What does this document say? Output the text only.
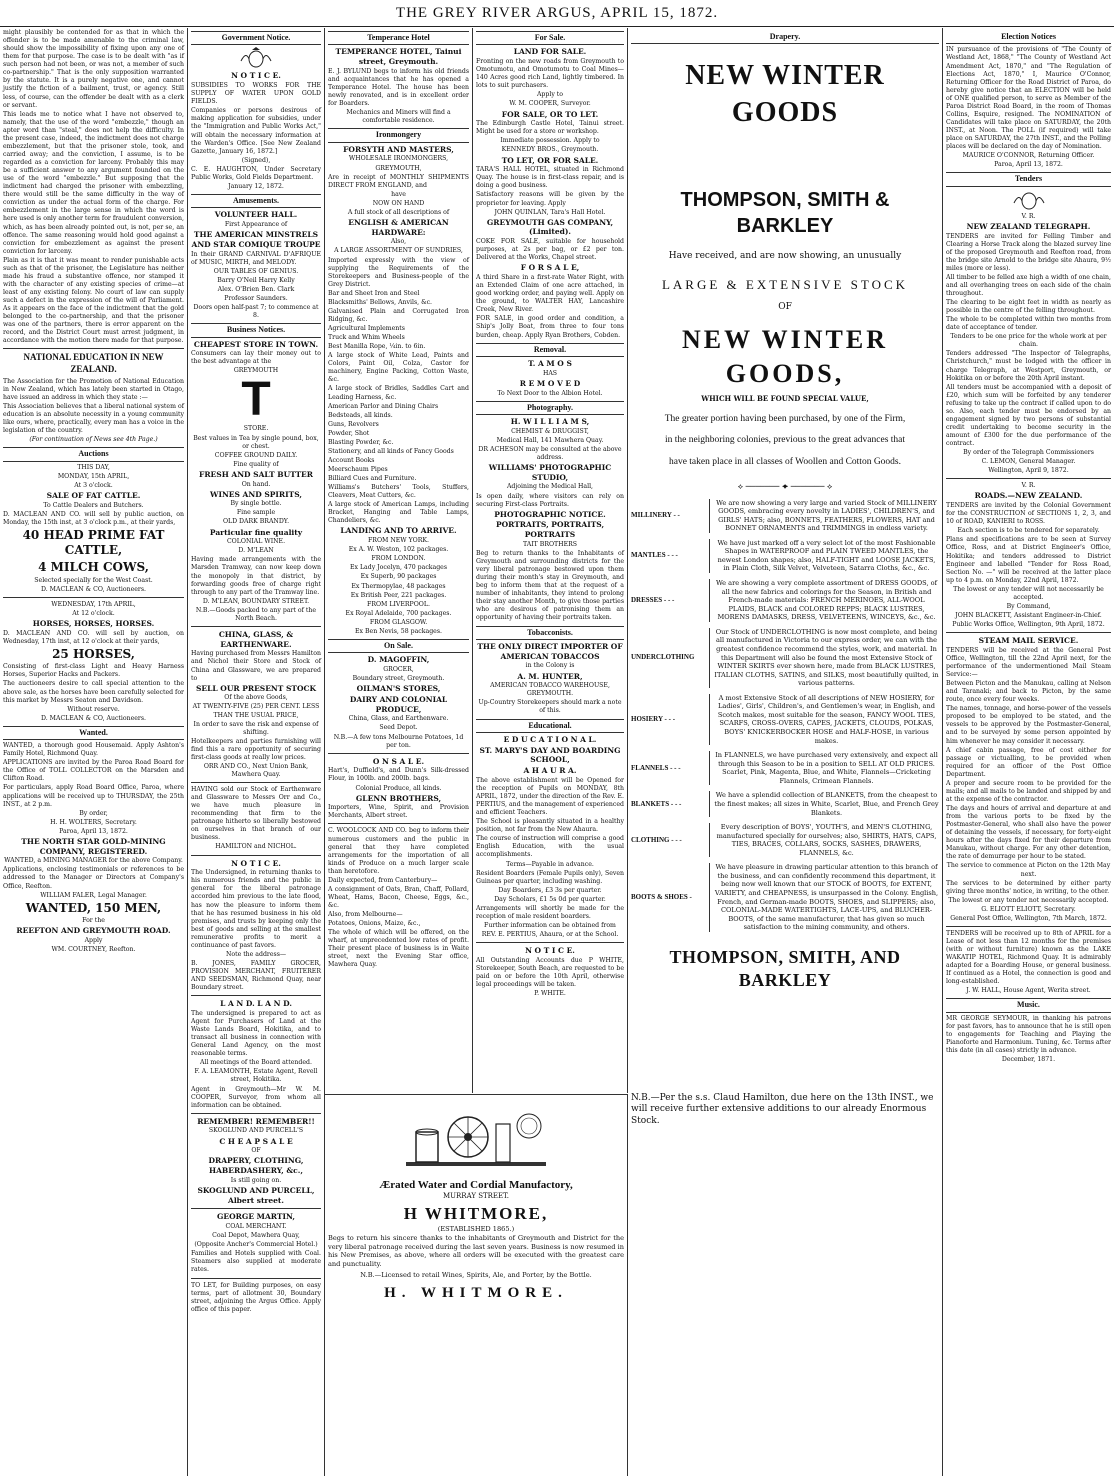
THE GREY RIVER ARGUS, APRIL 15, 1872.

might plausibly be contended for as that in which the offender is to be made amenable to the criminal law, should show the impossibility of fixing upon any one of them for that purpose. The case is to be dealt with "as if such person had not been, or was not, a member of such co-partnership." That is the only supposition warranted by the statute. It is a purely negative one, and cannot justify the fiction of a bailment, trust, or agency. Still less, of course, can the offender be dealt with as a clerk or servant.

This leads me to notice what I have not observed to, namely, that the use of the word "embezzle," though an apter word than "steal," does not help the difficulty. In the present case, indeed, the indictment does not charge embezzlement, but that the prisoner stole, took, and carried away; and the conviction, I assume, is to be regarded as a conviction for larceny. Probably this may be a sufficient answer to any argument founded on the use of the word "embezzle." But supposing that the indictment had charged the prisoner with embezzling, there would still be the same difficulty in the way of conviction as under the actual form of the charge. For embezzlement in the large sense in which the word is here used is only another term for fraudulent conversion, which, as has been already pointed out, is not, per se, an offence. The same reasoning would hold good against a conviction for embezzlement as against the present conviction for larceny.

Plain as it is that it was meant to render punishable acts such as that of the prisoner, the Legislature has neither made his fraud a substantive offence, nor stamped it with the character of any existing species of crime—at least of any existing felony. No court of law can supply such a defect in the expression of the will of Parliament. As it appears on the face of the indictment that the gold belonged to the co-partnership, and that the prisoner was one of the partners, there is error apparent on the record, and the District Court must arrest judgment, in accordance with the motion there made for that purpose.

NATIONAL EDUCATION IN NEW ZEALAND.

The Association for the Promotion of National Education in New Zealand, which has lately been started in Otago, have issued an address in which they state :—

This Association believes that a liberal national system of education is an absolute necessity in a young community like ours, where, practically, every man has a voice in the legislation of the country.

(For continuation of News see 4th Page.)

Auctions

THIS DAY,

MONDAY, 15th APRIL,

At 3 o'clock.

SALE OF FAT CATTLE.

To Cattle Dealers and Butchers.

D. MACLEAN AND CO. will sell by public auction, on Monday, the 15th inst, at 3 o'clock p.m., at their yards,

40 HEAD PRIME FAT CATTLE,

4 MILCH COWS,

Selected specially for the West Coast.

D. MACLEAN & CO, Auctioneers.

WEDNESDAY, 17th APRIL,

At 12 o'clock.

HORSES, HORSES, HORSES.

D. MACLEAN AND CO. will sell by auction, on Wednesday, 17th inst, at 12 o'clock at their yards,

25 HORSES,

Consisting of first-class Light and Heavy Harness Horses, Superior Hacks and Packers.

The auctioneers desire to call special attention to the above sale, as the horses have been carefully selected for this market by Messrs Seaton and Davidson.

Without reserve.

D. MACLEAN & CO, Auctioneers.

Wanted.

WANTED, a thorough good Housemaid. Apply Ashton's Family Hotel, Richmond Quay.

APPLICATIONS are invited by the Paroa Road Board for the Office of TOLL COLLECTOR on the Marsden and Clifton Road.

For particulars, apply Road Board Office, Paroa, where applications will be received up to THURSDAY, the 25th INST., at 2 p.m.

By order,

H. H. WOLTERS, Secretary.

Paroa, April 13, 1872.

THE NORTH STAR GOLD-MINING COMPANY, REGISTERED.

WANTED, a MINING MANAGER for the above Company.

Applications, enclosing testimonials or references to be addressed to the Manager or Directors at Company's Office, Reefton.

WILLIAM FALER, Legal Manager.

WANTED, 150 MEN,

For the

REEFTON AND GREYMOUTH ROAD.

Apply

WM. COURTNEY, Reefton.

Government Notice.

N O T I C E.

SUBSIDIES TO WORKS FOR THE SUPPLY OF WATER UPON GOLD FIELDS.

Companies or persons desirous of making application for subsidies, under the "Immigration and Public Works Act," will obtain the necessary information at the Warden's Office. [See New Zealand Gazette, January 16, 1872.]

(Signed),

C. E. HAUGHTON, Under Secretary Public Works, Gold Fields Department.

January 12, 1872.

Amusements.

VOLUNTEER HALL.

First Appearance of

THE AMERICAN MINSTRELS AND STAR COMIQUE TROUPE

In their GRAND CARNIVAL D'AFRIQUE of MUSIC, MIRTH, and MELODY.

OUR TABLES OF GENIUS.

Barry O'Neil Harry Kelly

Alex. O'Brien Ben. Clark

Professor Saunders.

Doors open half-past 7; to commence at 8.

Business Notices.

CHEAPEST STORE IN TOWN.

Consumers can lay their money out to the best advantage at the

GREYMOUTH

T

STORE.

Best values in Tea by single pound, box, or chest.

COFFEE GROUND DAILY.

Fine quality of

FRESH AND SALT BUTTER

On hand.

WINES AND SPIRITS,

By single bottle.

Fine sample

OLD DARK BRANDY.

Particular fine quality

COLONIAL WINE.

D. M'LEAN

Having made arrangements with the Marsden Tramway, can now keep down the monopoly in that district, by forwarding goods free of charge right through to any part of the Tramway line.

D. M'LEAN, BOUNDARY STREET.

N.B.—Goods packed to any part of the North Beach.

CHINA, GLASS, & EARTHENWARE.

Having purchased from Messrs Hamilton and Nichol their Store and Stock of China and Glassware, we are prepared to

SELL OUR PRESENT STOCK

Of the above Goods,

AT TWENTY-FIVE (25) PER CENT. LESS THAN THE USUAL PRICE,

In order to save the risk and expense of shifting.

Hotelkeepers and parties furnishing will find this a rare opportunity of securing first-class goods at really low prices.

ORR AND CO., Next Union Bank, Mawhera Quay.

HAVING sold our Stock of Earthenware and Glassware to Messrs Orr and Co., we have much pleasure in recommending that firm to the patronage hitherto so liberally bestowed on ourselves in that branch of our business.

HAMILTON and NICHOL.

N O T I C E.

The Undersigned, in returning thanks to his numerous friends and the public in general for the liberal patronage accorded him previous to the late flood, has now the pleasure to inform them that he has resumed business in his old premises, and trusts by keeping only the best of goods and selling at the smallest remunerative profits to merit a continuance of past favors.

Note the address—

B. JONES, FAMILY GROCER, PROVISION MERCHANT, FRUITERER AND SEEDSMAN, Richmond Quay, near Boundary street.

L A N D. L A N D.

The undersigned is prepared to act as Agent for Purchasers of Land at the Waste Lands Board, Hokitika, and to transact all business in connection with General Land Agency, on the most reasonable terms.

All meetings of the Board attended.

F. A. LEAMONTH, Estate Agent, Revell street, Hokitika.

Agent in Greymouth—Mr W. M. COOPER, Surveyor, from whom all information can be obtained.

REMEMBER! REMEMBER!!

SKOGLUND AND PURCELL'S

C H E A P S A L E

OF

DRAPERY, CLOTHING, HABERDASHERY, &c.,

Is still going on.

SKOGLUND AND PURCELL, Albert street.

GEORGE MARTIN,

COAL MERCHANT.

Coal Depot, Mawhera Quay,

(Opposite Ancher's Commercial Hotel.)

Families and Hotels supplied with Coal. Steamers also supplied at moderate rates.

TO LET, for Building purposes, on easy terms, part of allotment 30, Boundary street, adjoining the Argus Office. Apply office of this paper.

Temperance Hotel

TEMPERANCE HOTEL, Tainui street, Greymouth.

E. J. BYLUND begs to inform his old friends and acquaintances that he has opened a Temperance Hotel. The house has been newly renovated, and is in excellent order for Boarders.

Mechanics and Miners will find a comfortable residence.

Ironmongery

FORSYTH AND MASTERS,

WHOLESALE IRONMONGERS,

GREYMOUTH,

Are in receipt of MONTHLY SHIPMENTS DIRECT FROM ENGLAND, and

have

NOW ON HAND

A full stock of all descriptions of

ENGLISH & AMERICAN HARDWARE:

Also,

A LARGE ASSORTMENT OF SUNDRIES,

Imported expressly with the view of supplying the Requirements of the Storekeepers and Business-people of the Grey District.

Bar and Sheet Iron and Steel

Blacksmiths' Bellows, Anvils, &c.

Galvanised Plain and Corrugated Iron Ridging, &c.

Agricultural Implements

Truck and Whim Wheels

Best Manilla Rope, ¼in. to 6in.

A large stock of White Lead, Paints and Colors, Paint Oil, Colza, Castor for machinery, Engine Packing, Cotton Waste, &c.

A large stock of Bridles, Saddles Cart and Leading Harness, &c.

American Parlor and Dining Chairs

Bedsteads, all kinds.

Guns, Revolvers

Powder, Shot

Blasting Powder, &c.

Stationery, and all kinds of Fancy Goods

Account Books

Meerschaum Pipes

Billiard Cues and Furniture.

Williams's Butchers' Tools, Stuffers, Cleavers, Meat Cutters, &c.

A large stock of American Lamps, including Bracket, Hanging and Table Lamps, Chandeliers, &c.

LANDING AND TO ARRIVE.

FROM NEW YORK.

Ex A. W. Weston, 102 packages.

FROM LONDON.

Ex Lady Jocelyn, 470 packages

Ex Superb, 90 packages

Ex Thermopylae, 48 packages

Ex British Peer, 221 packages.

FROM LIVERPOOL.

Ex Royal Adelaide, 700 packages.

FROM GLASGOW.

Ex Ben Nevis, 58 packages.

On Sale.

D. MAGOFFIN,

GROCER,

Boundary street, Greymouth.

OILMAN'S STORES,

DAIRY AND COLONIAL PRODUCE,

China, Glass, and Earthenware.

Seed Depot.

N.B.—A few tons Melbourne Potatoes, 1d per ton.

O N S A L E.

Hart's, Duffield's, and Dunn's Silk-dressed Flour, in 100lb. and 200lb. bags.

Colonial Produce, all kinds.

GLENN BROTHERS,

Importers, Wine, Spirit, and Provision Merchants, Albert street.

C. WOOLCOCK AND CO. beg to inform their numerous customers and the public in general that they have completed arrangements for the importation of all kinds of Produce on a much larger scale than heretofore.

Daily expected, from Canterbury—

A consignment of Oats, Bran, Chaff, Pollard, Wheat, Hams, Bacon, Cheese, Eggs, &c., &c.

Also, from Melbourne—

Potatoes, Onions, Maize, &c.,

The whole of which will be offered, on the wharf, at unprecedented low rates of profit. Their present place of business is in Waite street, next the Evening Star office, Mawhera Quay.

For Sale.

LAND FOR SALE.

Fronting on the new roads from Greymouth to Omotumotu, and Omotumotu to Coal Mines—140 Acres good rich Land, lightly timbered. In lots to suit purchasers.

Apply to

W. M. COOPER, Surveyor.

FOR SALE, OR TO LET.

The Edinburgh Castle Hotel, Tainui street. Might be used for a store or workshop.

Immediate possession. Apply to

KENNEDY BROS., Greymouth.

TO LET, OR FOR SALE.

TARA'S HALL HOTEL, situated in Richmond Quay. The house is in first-class repair, and is doing a good business.

Satisfactory reasons will be given by the proprietor for leaving. Apply

JOHN QUINLAN, Tara's Hall Hotel.

GREYMOUTH GAS COMPANY, (Limited).

COKE FOR SALE, suitable for household purposes, at 2s per bag, or £2 per ton. Delivered at the Works, Chapel street.

F O R S A L E,

A third Share in a first-rate Water Right, with an Extended Claim of one acre attached, in good working order, and paying well. Apply on the ground, to WALTER HAY, Lancashire Creek, New River.

FOR SALE, in good order and condition, a Ship's Jolly Boat, from three to four tons burden, cheap. Apply Ryan Brothers, Cobden.

Removal.

T. A M O S

HAS

R E M O V E D

To Next Door to the Albion Hotel.

Photography.

H. W I L L I A M S,

CHEMIST & DRUGGIST,

Medical Hall, 141 Mawhera Quay.

DR ACHESON may be consulted at the above address.

WILLIAMS' PHOTOGRAPHIC STUDIO,

Adjoining the Medical Hall,

Is open daily, where visitors can rely on securing First-class Portraits.

PHOTOGRAPHIC NOTICE.

PORTRAITS, PORTRAITS, PORTRAITS

TAIT BROTHERS

Beg to return thanks to the Inhabitants of Greymouth and surrounding districts for the very liberal patronage bestowed upon them during their month's stay in Greymouth, and beg to inform them that at the request of a number of inhabitants, they intend to prolong their stay another Month, to give those parties who are desirous of patronising them an opportunity of having their portraits taken.

Tobacconists.

THE ONLY DIRECT IMPORTER OF AMERICAN TOBACCOS

in the Colony is

A. M. HUNTER,

AMERICAN TOBACCO WAREHOUSE, GREYMOUTH.

Up-Country Storekeepers should mark a note of this.

Educational.

E D U C A T I O N A L.

ST. MARY'S DAY AND BOARDING SCHOOL,

A H A U R A.

The above establishment will be Opened for the reception of Pupils on MONDAY, 8th APRIL, 1872, under the direction of the Rev. E. PERTIUS, and the management of experienced and efficient Teachers.

The School is pleasantly situated in a healthy position, not far from the New Ahaura.

The course of instruction will comprise a good English Education, with the usual accomplishments.

Terms—Payable in advance.

Resident Boarders (Female Pupils only), Seven Guineas per quarter, including washing.

Day Boarders, £3 3s per quarter.

Day Scholars, £1 5s 0d per quarter.

Arrangements will shortly be made for the reception of male resident boarders.

Further information can be obtained from

REV. E. PERTIUS, Ahaura, or at the School.

N O T I C E.

All Outstanding Accounts due P WHITE, Storekeeper, South Beach, are requested to be paid on or before the 10th April, otherwise legal proceedings will be taken.

P. WHITE.

Ærated Water and Cordial Manufactory,
MURRAY STREET.
H WHITMORE,
(ESTABLISHED 1865.)
Begs to return his sincere thanks to the inhabitants of Greymouth and District for the very liberal patronage received during the last seven years. Business is now resumed in his New Premises, as above, where all orders will be executed with the greatest care and punctuality.
N.B.—Licensed to retail Wines, Spirits, Ale, and Porter, by the Bottle.
H. WHITMORE.
Drapery.
NEW WINTER GOODS
THOMPSON, SMITH & BARKLEY
Have received, and are now showing, an unusually
LARGE & EXTENSIVE STOCK
OF
NEW WINTER GOODS,
WHICH WILL BE FOUND SPECIAL VALUE,
The greater portion having been purchased, by one of the Firm,
in the neighboring colonies, previous to the great advances that
have taken place in all classes of Woollen and Cotton Goods.
⟡ ─────── ✦ ─────── ⟡
MILLINERY - -
We are now showing a very large and varied Stock of MILLINERY GOODS, embracing every novelty in LADIES', CHILDREN'S, and GIRLS' HATS; also, BONNETS, FEATHERS, FLOWERS, HAT and BONNET ORNAMENTS and TRIMMINGS in endless variety.
MANTLES - - -
We have just marked off a very select lot of the most Fashionable Shapes in WATERPROOF and PLAIN TWEED MANTLES, the newest London shapes; also, HALF-TIGHT and LOOSE JACKETS, in Plain Cloth, Silk Velvet, Velveteen, Satarra Cloths, &c., &c.
DRESSES - - -
We are showing a very complete assortment of DRESS GOODS, of all the new fabrics and colorings for the Season, in British and French-made materials: FRENCH MERINOES, ALL-WOOL PLAIDS, BLACK and COLORED REPPS; BLACK LUSTRES, MORENS DAMASKS, DRESS, VELVETEENS, WINCEYS, &c., &c.
UNDERCLOTHING
Our Stock of UNDERCLOTHING is now most complete, and being all manufactured in Victoria to our express order, we can with the greatest confidence recommend the styles, work, and material. In this Department will also be found the most Extensive Stock of WINTER SKIRTS ever shown here, made from BLACK LUSTRES, ITALIAN CLOTHS, SATINS, and SILKS, most beautifully quilted, in various patterns.
HOSIERY - - -
A most Extensive Stock of all descriptions of NEW HOSIERY, for Ladies', Girls', Children's, and Gentlemen's wear, in English, and Scotch makes, most suitable for the season, FANCY WOOL TIES, SCARFS, CROSS-OVERS, CAPES, JACKETS, CLOUDS, POLKAS, BOYS' KNICKERBOCKER HOSE and HALF-HOSE, in various makes.
FLANNELS - - -
In FLANNELS, we have purchased very extensively, and expect all through this Season to be in a position to SELL AT OLD PRICES. Scarlet, Pink, Magenta, Blue, and White, Flannels—Cricketing Flannels, Crimean Flannels.
BLANKETS - - -
We have a splendid collection of BLANKETS, from the cheapest to the finest makes; all sizes in White, Scarlet, Blue, and French Grey Blankets.
CLOTHING - - -
Every description of BOYS', YOUTH'S, and MEN'S CLOTHING, manufactured specially for ourselves; also, SHIRTS, HATS, CAPS, TIES, BRACES, COLLARS, SOCKS, SASHES, DRAWERS, FLANNELS, &c.
BOOTS & SHOES -
We have pleasure in drawing particular attention to this branch of the business, and can confidently recommend this department, it being now well known that our STOCK of BOOTS, for EXTENT, VARIETY, and CHEAPNESS, is unsurpassed in the Colony. English, French, and German-made BOOTS, SHOES, and SLIPPERS; also, COLONIAL-MADE WATERTIGHTS, LACE-UPS, and BLUCHER-BOOTS, of the same manufacturer, that has given so much satisfaction to the mining community, and others.
THOMPSON, SMITH, AND BARKLEY
N.B.—Per the s.s. Claud Hamilton, due here on the 13th INST., we will receive further extensive additions to our already Enormous Stock.
Election Notices

IN pursuance of the provisions of "The County of Westland Act, 1868," "The County of Westland Act Amendment Act, 1870," and "The Regulation of Elections Act, 1870," I, Maurice O'Connor, Returning Officer for the Road District of Paroa, do hereby give notice that an ELECTION will be held of ONE qualified person, to serve as Member of the Paroa District Road Board, in the room of Thomas Collins, Esquire, resigned. The NOMINATION of Candidates will take place on SATURDAY, the 20th INST., at Noon. The POLL (if required) will take place on SATURDAY, the 27th INST., and the Polling places will be declared on the day of Nomination.

MAURICE O'CONNOR, Returning Officer.

Paroa, April 13, 1872.

Tenders

V. R.

NEW ZEALAND TELEGRAPH.

TENDERS are invited for Felling Timber and Clearing a Horse Track along the blazed survey line of the proposed Greymouth and Reefton road, from the bridge site Arnold to the bridge site Ahaura, 9½ miles (more or less).

All timber to be felled axe high a width of one chain, and all overhanging trees on each side of the chain throughout.

The clearing to be eight feet in width as nearly as possible in the centre of the felling throughout.

The whole to be completed within two months from date of acceptance of tender.

Tenders to be one price for the whole work at per chain.

Tenders addressed "The Inspector of Telegraphs, Christchurch," must be lodged with the officer in charge Telegraph, at Westport, Greymouth, or Hokitika on or before the 20th April instant.

All tenders must be accompanied with a deposit of £20, which sum will be forfeited by any tenderer refusing to take up the contract if called upon to do so. Also, each tender must be endorsed by an engagement signed by two persons of substantial credit undertaking to become security in the amount of £300 for the due performance of the contract.

By order of the Telegraph Commissioners

C. LEMON, General Manager.

Wellington, April 9, 1872.

V. R.

ROADS.—NEW ZEALAND.

TENDERS are invited by the Colonial Government for the CONSTRUCTION of SECTIONS 1, 2, 3, and 10 of ROAD, KANIERI to ROSS.

Each section is to be tendered for separately.

Plans and specifications are to be seen at Survey Office, Ross, and at District Engineer's Office, Hokitika; and tenders addressed to District Engineer and labelled "Tender for Ross Road, Section No. —" will be received at the latter place up to 4 p.m. on Monday, 22nd April, 1872.

The lowest or any tender will not necessarily be accepted.

By Command,

JOHN BLACKETT, Assistant Engineer-in-Chief.

Public Works Office, Wellington, 9th April, 1872.

STEAM MAIL SERVICE.

TENDERS will be received at the General Post Office, Wellington, till the 22nd April next, for the performance of the undermentioned Mail Steam Service:—

Between Picton and the Manukau, calling at Nelson and Taranaki; and back to Picton, by the same route, once every four weeks.

The names, tonnage, and horse-power of the vessels proposed to be employed to be stated, and the vessels to be approved by the Postmaster-General, and to be surveyed by some person appointed by him whenever he may consider it necessary.

A chief cabin passage, free of cost either for passage or victualling, to be provided when required for an officer of the Post Office Department.

A proper and secure room to be provided for the mails; and all mails to be landed and shipped by and at the expense of the contractor.

The days and hours of arrival and departure at and from the various ports to be fixed by the Postmaster-General, who shall also have the power of detaining the vessels, if necessary, for forty-eight hours after the days fixed for their departure from Manukau, without charge. For any other detention, the rate of demurrage per hour to be stated.

The service to commence at Picton on the 12th May next.

The services to be determined by either party giving three months' notice, in writing, to the other.

The lowest or any tender not necessarily accepted.

G. ELIOTT ELIOTT, Secretary.

General Post Office, Wellington, 7th March, 1872.

TENDERS will be received up to 8th of APRIL for a Lease of not less than 12 months for the premises (with or without furniture) known as the LAKE WAKATIP HOTEL, Richmond Quay. It is admirably adapted for a Boarding House, or general business. If continued as a Hotel, the connection is good and long-established.

J. W. HALL, House Agent, Werita street.

Music.

MR GEORGE SEYMOUR, in thanking his patrons for past favors, has to announce that he is still open to engagements for Teaching and Playing the Pianoforte and Harmonium. Tuning, &c. Terms after this date (in all cases) strictly in advance.

December, 1871.
